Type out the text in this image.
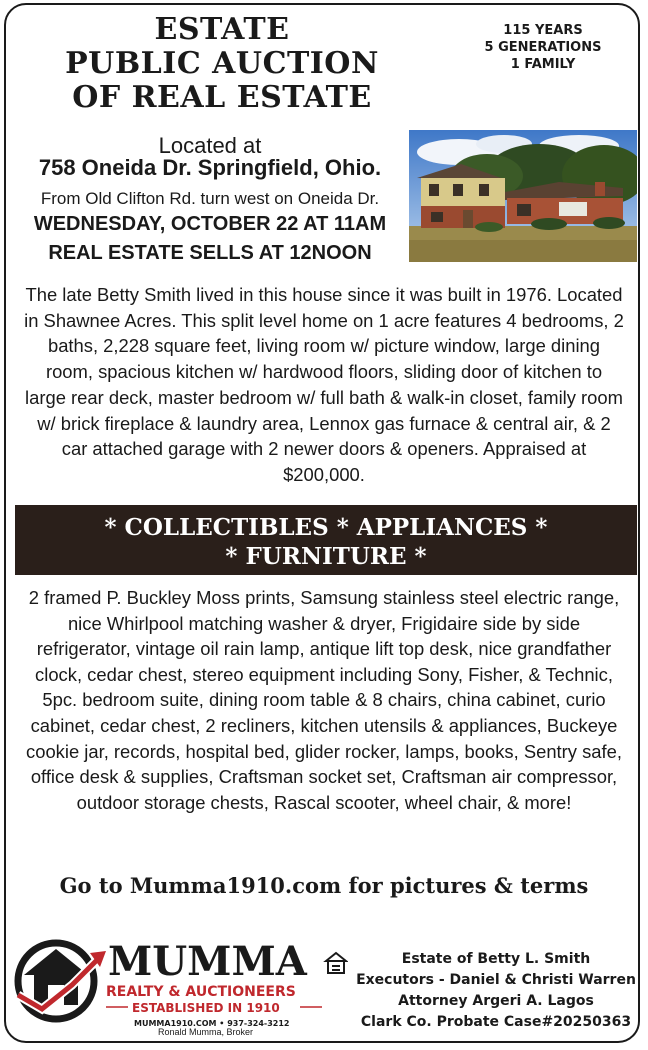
ESTATE
PUBLIC AUCTION
OF REAL ESTATE
115 YEARS
5 GENERATIONS
1 FAMILY
Located at
758 Oneida Dr. Springfield, Ohio.
From Old Clifton Rd. turn west on Oneida Dr.
WEDNESDAY, OCTOBER 22 AT 11AM
REAL ESTATE SELLS AT 12NOON
The late Betty Smith lived in this house since it was built in 1976. Located in Shawnee Acres. This split level home on 1 acre features 4 bedrooms, 2 baths, 2,228 square feet, living room w/ picture window, large dining room, spacious kitchen w/ hardwood floors, sliding door of kitchen to large rear deck, master bedroom w/ full bath & walk-in closet, family room w/ brick fireplace & laundry area, Lennox gas furnace & central air, & 2 car attached garage with 2 newer doors & openers. Appraised at $200,000.
* COLLECTIBLES * APPLIANCES *
* FURNITURE *
2 framed P. Buckley Moss prints, Samsung stainless steel electric range, nice Whirlpool matching washer & dryer, Frigidaire side by side refrigerator, vintage oil rain lamp, antique lift top desk, nice grandfather clock, cedar chest, stereo equipment including Sony, Fisher, & Technic, 5pc. bedroom suite, dining room table & 8 chairs, china cabinet, curio cabinet, cedar chest, 2 recliners, kitchen utensils & appliances, Buckeye cookie jar, records, hospital bed, glider rocker, lamps, books, Sentry safe, office desk & supplies, Craftsman socket set, Craftsman air compressor, outdoor storage chests, Rascal scooter, wheel chair, & more!
Go to Mumma1910.com for pictures & terms
MUMMA
REALTY & AUCTIONEERS
ESTABLISHED IN 1910
MUMMA1910.COM • 937-324-3212
Ronald Mumma, Broker
Estate of Betty L. Smith
Executors - Daniel & Christi Warren
Attorney Argeri A. Lagos
Clark Co. Probate Case#20250363
